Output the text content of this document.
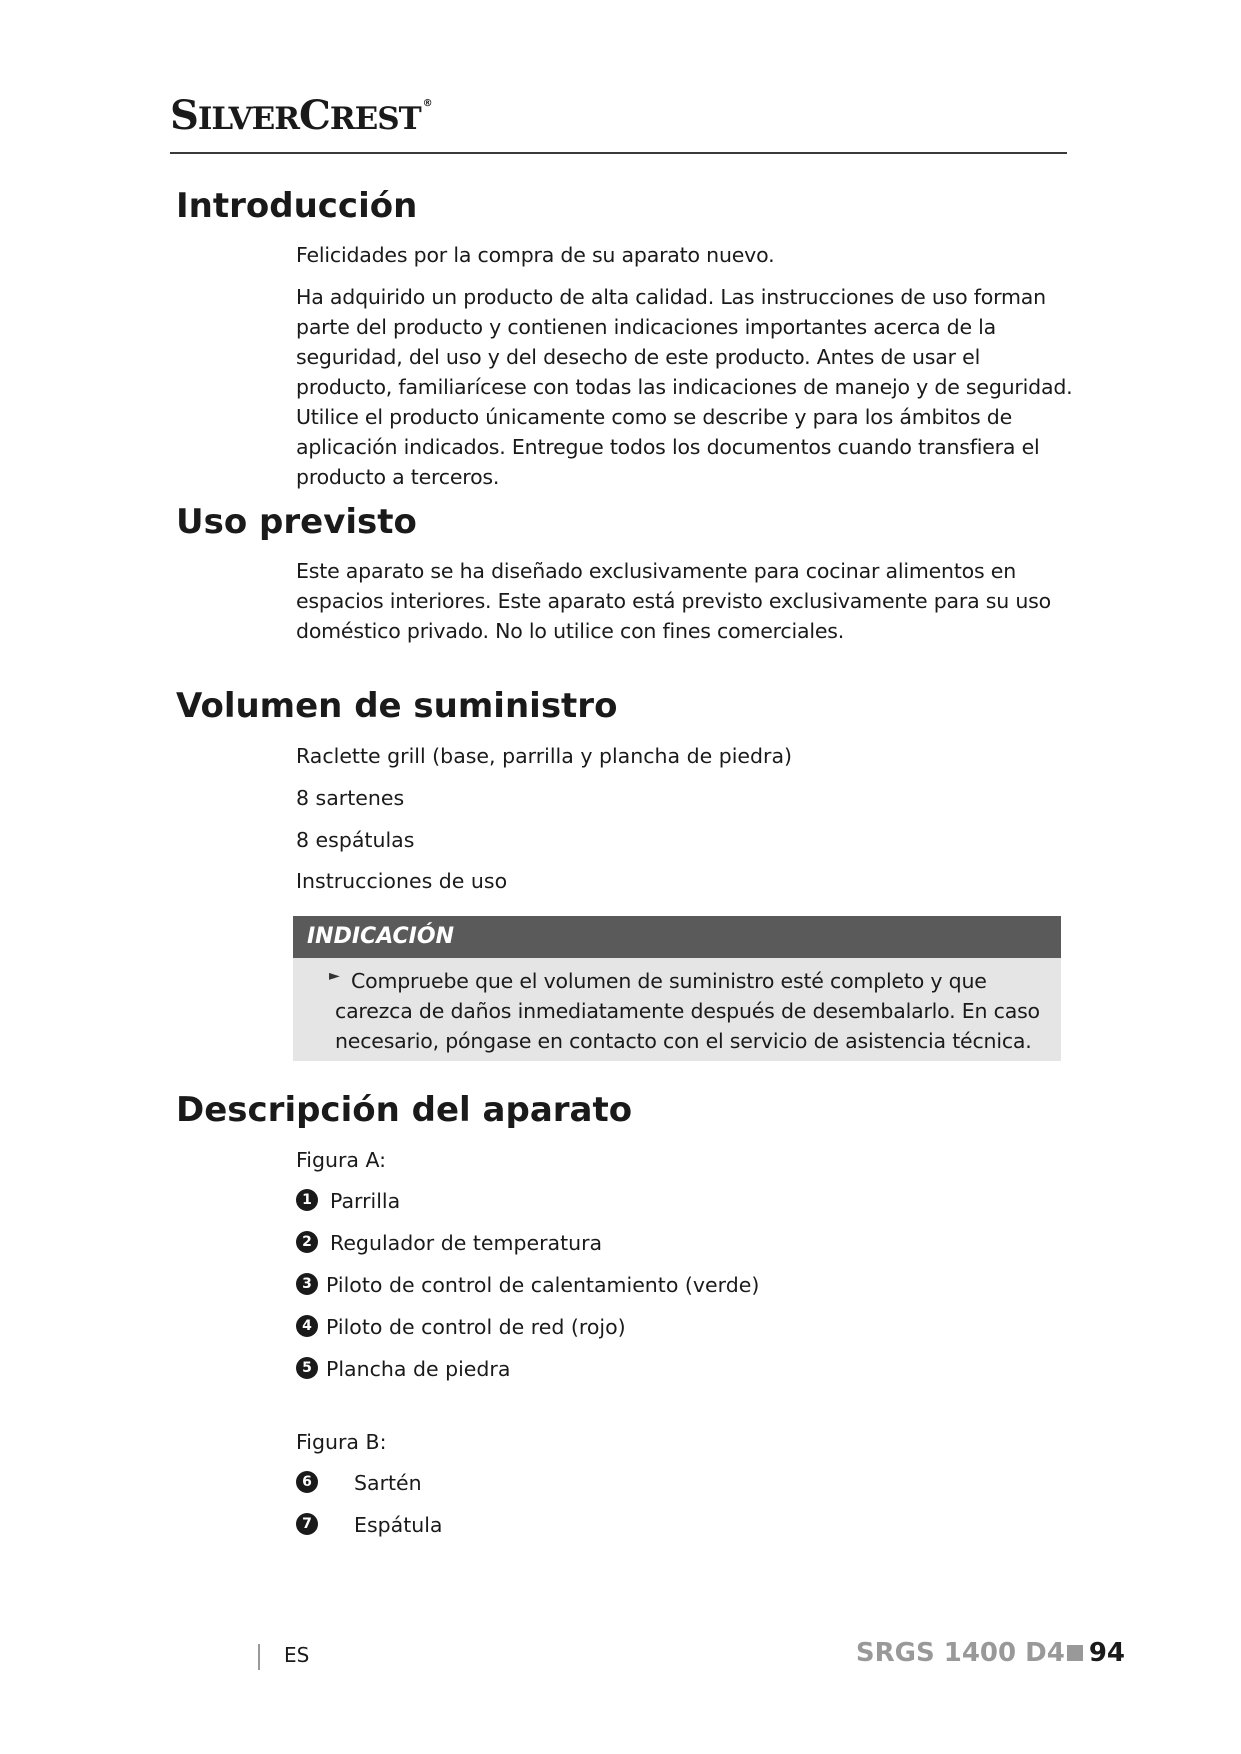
SILVERCREST ®
Introducción

Felicidades por la compra de su aparato nuevo.

Ha adquirido un producto de alta calidad. Las instrucciones de uso forman parte del producto y contienen indicaciones importantes acerca de la seguridad, del uso y del desecho de este producto. Antes de usar el producto, familiarícese con todas las indicaciones de manejo y de seguridad. Utilice el producto únicamente como se describe y para los ámbitos de aplicación indicados. Entregue todos los documentos cuando transfiera el producto a terceros.

Uso previsto

Este aparato se ha diseñado exclusivamente para cocinar alimentos en espacios interiores. Este aparato está previsto exclusivamente para su uso doméstico privado. No lo utilice con fines comerciales.

Volumen de suministro

Raclette grill (base, parrilla y plancha de piedra)

8 sartenes

8 espátulas

Instrucciones de uso

INDICACIÓN
► Compruebe que el volumen de suministro esté completo y que carezca de daños inmediatamente después de desembalarlo. En caso necesario, póngase en contacto con el servicio de asistencia técnica.
Descripción del aparato

Figura A:

1 Parrilla
2 Regulador de temperatura
3 Piloto de control de calentamiento (verde)
4 Piloto de control de red (rojo)
5 Plancha de piedra

Figura B:

6 Sartén
7 Espátula
ES	SRGS 1400 D4 94
